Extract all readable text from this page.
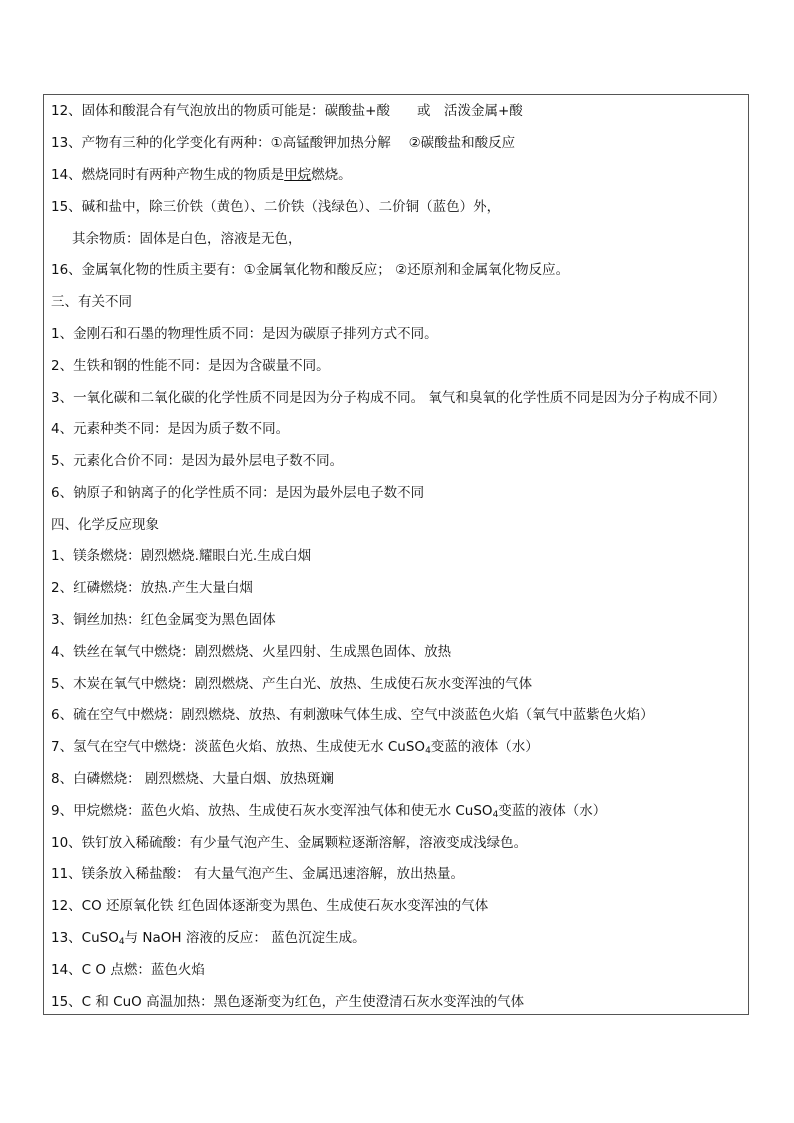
12、固体和酸混合有气泡放出的物质可能是：碳酸盐+酸　　或　活泼金属+酸
13、产物有三种的化学变化有两种：①高锰酸钾加热分解　 ②碳酸盐和酸反应
14、燃烧同时有两种产物生成的物质是甲烷燃烧。
15、碱和盐中，除三价铁（黄色）、二价铁（浅绿色）、二价铜（蓝色）外，
其余物质：固体是白色，溶液是无色，
16、金属氧化物的性质主要有：①金属氧化物和酸反应； ②还原剂和金属氧化物反应。
三、有关不同
1、金刚石和石墨的物理性质不同：是因为碳原子排列方式不同。
2、生铁和钢的性能不同：是因为含碳量不同。
3、一氧化碳和二氧化碳的化学性质不同是因为分子构成不同。 氧气和臭氧的化学性质不同是因为分子构成不同）
4、元素种类不同：是因为质子数不同。
5、元素化合价不同：是因为最外层电子数不同。
6、钠原子和钠离子的化学性质不同：是因为最外层电子数不同
四、化学反应现象
1、镁条燃烧：剧烈燃烧.耀眼白光.生成白烟
2、红磷燃烧：放热.产生大量白烟
3、铜丝加热：红色金属变为黑色固体
4、铁丝在氧气中燃烧：剧烈燃烧、火星四射、生成黑色固体、放热
5、木炭在氧气中燃烧：剧烈燃烧、产生白光、放热、生成使石灰水变浑浊的气体
6、硫在空气中燃烧：剧烈燃烧、放热、有刺激味气体生成、空气中淡蓝色火焰（氧气中蓝紫色火焰）
7、氢气在空气中燃烧：淡蓝色火焰、放热、生成使无水 CuSO$_4$变蓝的液体（水）
8、白磷燃烧： 剧烈燃烧、大量白烟、放热斑斓
9、甲烷燃烧：蓝色火焰、放热、生成使石灰水变浑浊气体和使无水 CuSO$_4$变蓝的液体（水）
10、铁钉放入稀硫酸：有少量气泡产生、金属颗粒逐渐溶解，溶液变成浅绿色。
11、镁条放入稀盐酸： 有大量气泡产生、金属迅速溶解，放出热量。
12、CO 还原氧化铁 红色固体逐渐变为黑色、生成使石灰水变浑浊的气体
13、CuSO$_4$与 NaOH 溶液的反应： 蓝色沉淀生成。
14、C O 点燃：蓝色火焰
15、C 和 CuO 高温加热：黑色逐渐变为红色，产生使澄清石灰水变浑浊的气体
